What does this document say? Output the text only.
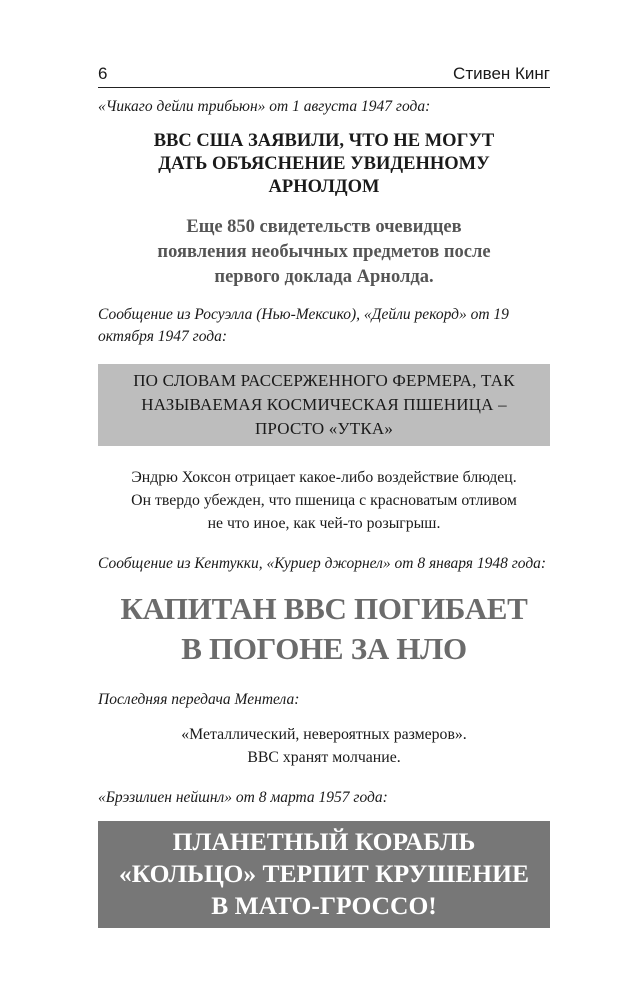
6	Стивен Кинг

«Чикаго дейли трибьюн» от 1 августа 1947 года:

ВВС США ЗАЯВИЛИ, ЧТО НЕ МОГУТ
ДАТЬ ОБЪЯСНЕНИЕ УВИДЕННОМУ
АРНОЛДОМ
Еще 850 свидетельств очевидцев
появления необычных предметов после
первого доклада Арнолда.

Сообщение из Росуэлла (Нью-Мексико), «Дейли рекорд» от 19 октября 1947 года:

ПО СЛОВАМ РАССЕРЖЕННОГО ФЕРМЕРА, ТАК
НАЗЫВАЕМАЯ КОСМИЧЕСКАЯ ПШЕНИЦА –
ПРОСТО «УТКА»
Эндрю Хоксон отрицает какое-либо воздействие блюдец.
Он твердо убежден, что пшеница с красноватым отливом
не что иное, как чей-то розыгрыш.

Сообщение из Кентукки, «Куриер джорнел» от 8 января 1948 года:

КАПИТАН ВВС ПОГИБАЕТ
В ПОГОНЕ ЗА НЛО

Последняя передача Ментела:

«Металлический, невероятных размеров».
ВВС хранят молчание.

«Брэзилиен нейшнл» от 8 марта 1957 года:

ПЛАНЕТНЫЙ КОРАБЛЬ
«КОЛЬЦО» ТЕРПИТ КРУШЕНИЕ
В МАТО-ГРОССО!
